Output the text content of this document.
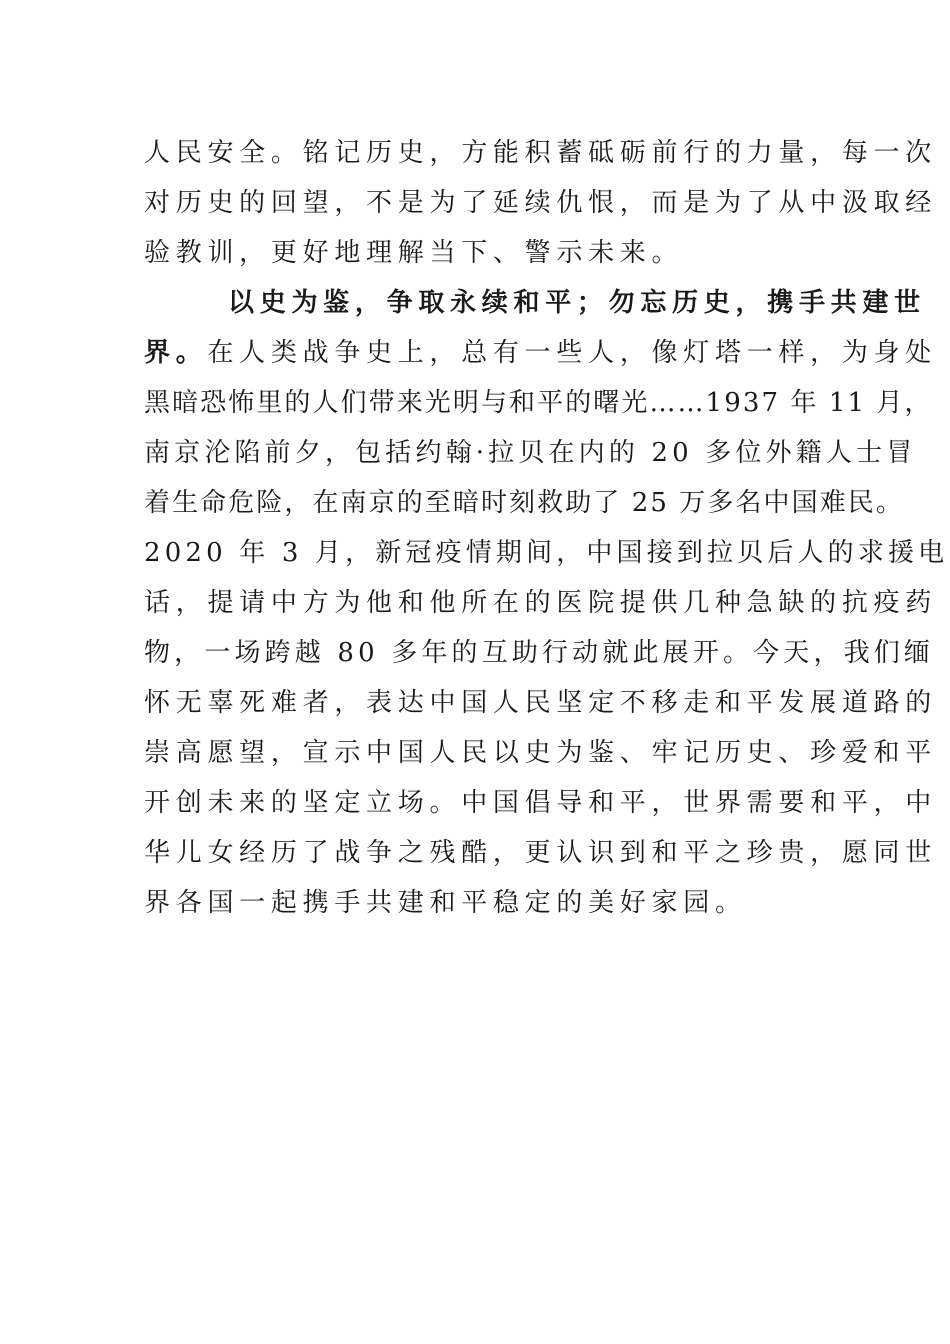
人民安全。铭记历史，方能积蓄砥砺前行的力量，每一次
对历史的回望，不是为了延续仇恨，而是为了从中汲取经
验教训，更好地理解当下、警示未来。
以史为鉴，争取永续和平；勿忘历史，携手共建世
界。在人类战争史上，总有一些人，像灯塔一样，为身处
黑暗恐怖里的人们带来光明与和平的曙光……1937 年 11 月，
南京沦陷前夕，包括约翰·拉贝在内的 20 多位外籍人士冒
着生命危险，在南京的至暗时刻救助了 25 万多名中国难民。
2020 年 3 月，新冠疫情期间，中国接到拉贝后人的求援电
话，提请中方为他和他所在的医院提供几种急缺的抗疫药
物，一场跨越 80 多年的互助行动就此展开。今天，我们缅
怀无辜死难者，表达中国人民坚定不移走和平发展道路的
崇高愿望，宣示中国人民以史为鉴、牢记历史、珍爱和平
开创未来的坚定立场。中国倡导和平，世界需要和平，中
华儿女经历了战争之残酷，更认识到和平之珍贵，愿同世
界各国一起携手共建和平稳定的美好家园。
